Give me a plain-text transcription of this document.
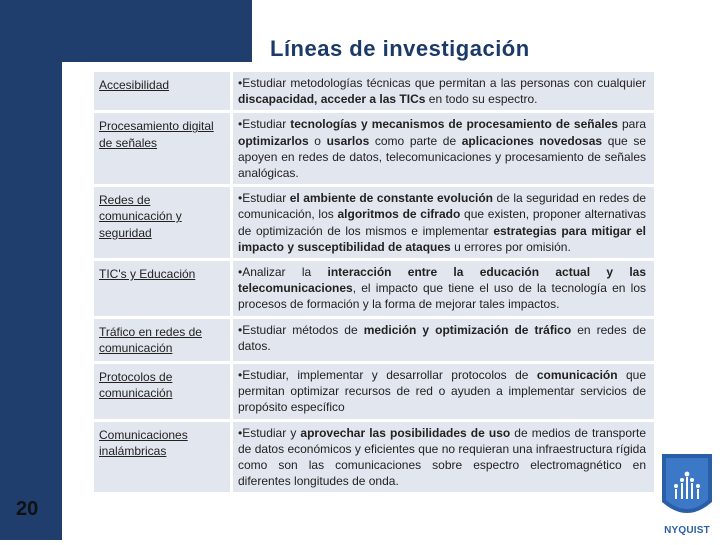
Líneas de investigación
Accesibilidad	•Estudiar metodologías técnicas que permitan a las personas con cualquier discapacidad, acceder a las TICs en todo su espectro.
Procesamiento digital de señales
•Estudiar tecnologías y mecanismos de procesamiento de señales para optimizarlos o usarlos como parte de aplicaciones novedosas que se apoyen en redes de datos, telecomunicaciones y procesamiento de señales analógicas.
Redes de comunicación y seguridad
•Estudiar el ambiente de constante evolución de la seguridad en redes de comunicación, los algoritmos de cifrado que existen, proponer alternativas de optimización de los mismos e implementar estrategias para mitigar el impacto y susceptibilidad de ataques u errores por omisión.
TIC's y Educación	•Analizar la interacción entre la educación actual y las telecomunicaciones, el impacto que tiene el uso de la tecnología en los procesos de formación y la forma de mejorar tales impactos.
Tráfico en redes de comunicación
•Estudiar métodos de medición y optimización de tráfico en redes de datos.
Protocolos de comunicación
•Estudiar, implementar y desarrollar protocolos de comunicación que permitan optimizar recursos de red o ayuden a implementar servicios de propósito específico
Comunicaciones inalámbricas
•Estudiar y aprovechar las posibilidades de uso de medios de transporte de datos económicos y eficientes que no requieran una infraestructura rígida como son las comunicaciones sobre espectro electromagnético en diferentes longitudes de onda.
20
NYQUIST
